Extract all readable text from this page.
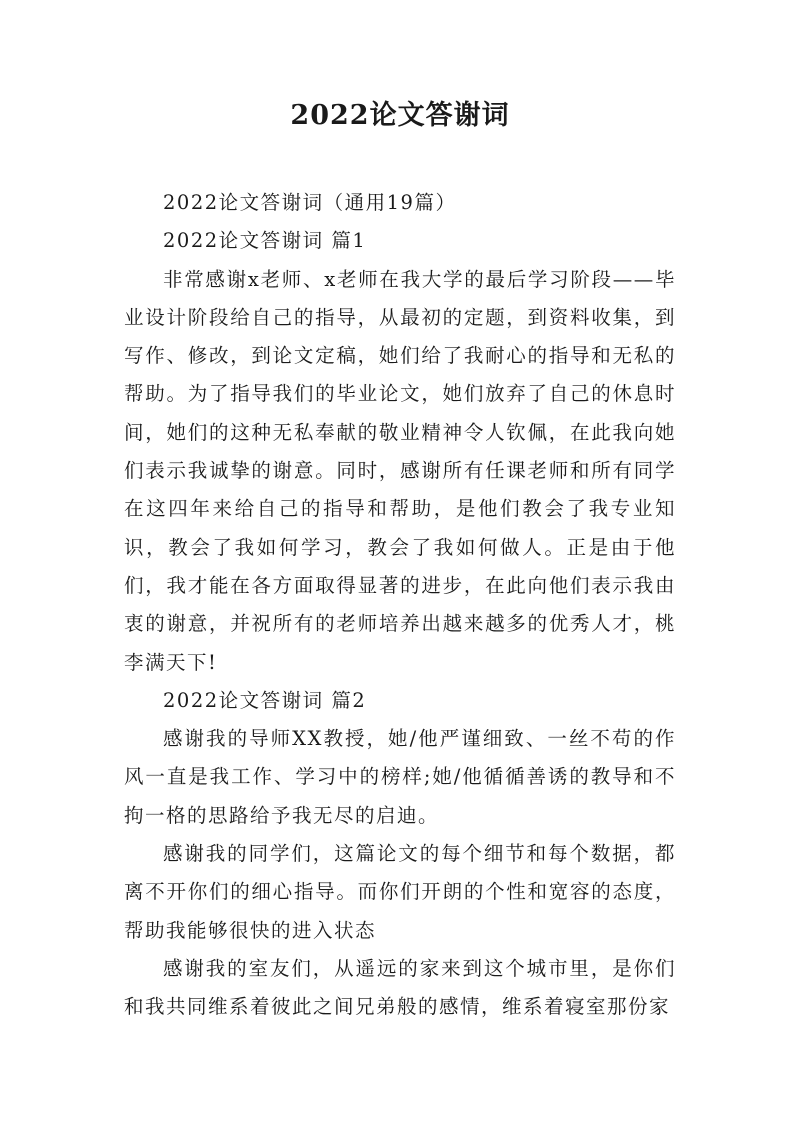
2022论文答谢词

2022论文答谢词（通用19篇）

2022论文答谢词 篇1

非常感谢x老师、x老师在我大学的最后学习阶段——毕业设计阶段给自己的指导，从最初的定题，到资料收集，到写作、修改，到论文定稿，她们给了我耐心的指导和无私的帮助。为了指导我们的毕业论文，她们放弃了自己的休息时间，她们的这种无私奉献的敬业精神令人钦佩，在此我向她们表示我诚挚的谢意。同时，感谢所有任课老师和所有同学在这四年来给自己的指导和帮助，是他们教会了我专业知识，教会了我如何学习，教会了我如何做人。正是由于他们，我才能在各方面取得显著的进步，在此向他们表示我由衷的谢意，并祝所有的老师培养出越来越多的优秀人才，桃李满天下!

2022论文答谢词 篇2

感谢我的导师XX教授，她/他严谨细致、一丝不苟的作风一直是我工作、学习中的榜样;她/他循循善诱的教导和不拘一格的思路给予我无尽的启迪。

感谢我的同学们，这篇论文的每个细节和每个数据，都离不开你们的细心指导。而你们开朗的个性和宽容的态度，帮助我能够很快的进入状态

感谢我的室友们，从遥远的家来到这个城市里，是你们和我共同维系着彼此之间兄弟般的感情，维系着寝室那份家
